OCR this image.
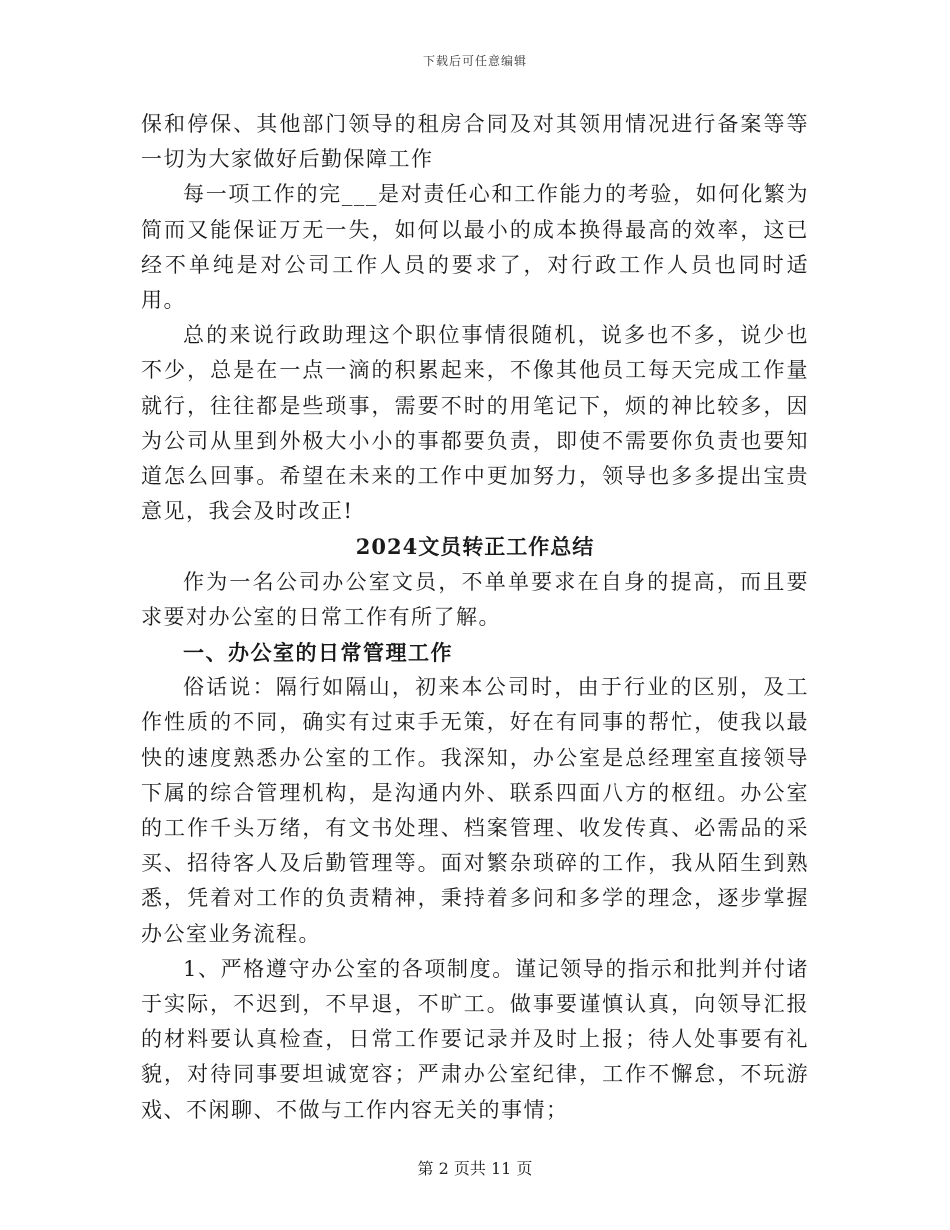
下载后可任意编辑

保和停保、其他部门领导的租房合同及对其领用情况进行备案等等一切为大家做好后勤保障工作

每一项工作的完___是对责任心和工作能力的考验，如何化繁为简而又能保证万无一失，如何以最小的成本换得最高的效率，这已经不单纯是对公司工作人员的要求了，对行政工作人员也同时适用。

总的来说行政助理这个职位事情很随机，说多也不多，说少也不少，总是在一点一滴的积累起来，不像其他员工每天完成工作量就行，往往都是些琐事，需要不时的用笔记下，烦的神比较多，因为公司从里到外极大小小的事都要负责，即使不需要你负责也要知道怎么回事。希望在未来的工作中更加努力，领导也多多提出宝贵意见，我会及时改正!

2024文员转正工作总结

作为一名公司办公室文员，不单单要求在自身的提高，而且要求要对办公室的日常工作有所了解。

一、办公室的日常管理工作

俗话说：隔行如隔山，初来本公司时，由于行业的区别，及工作性质的不同，确实有过束手无策，好在有同事的帮忙，使我以最快的速度熟悉办公室的工作。我深知，办公室是总经理室直接领导下属的综合管理机构，是沟通内外、联系四面八方的枢纽。办公室的工作千头万绪，有文书处理、档案管理、收发传真、必需品的采买、招待客人及后勤管理等。面对繁杂琐碎的工作，我从陌生到熟悉，凭着对工作的负责精神，秉持着多问和多学的理念，逐步掌握办公室业务流程。

1、严格遵守办公室的各项制度。谨记领导的指示和批判并付诸于实际，不迟到，不早退，不旷工。做事要谨慎认真，向领导汇报的材料要认真检查，日常工作要记录并及时上报；待人处事要有礼貌，对待同事要坦诚宽容；严肃办公室纪律，工作不懈怠，不玩游戏、不闲聊、不做与工作内容无关的事情；

第 2 页共 11 页
